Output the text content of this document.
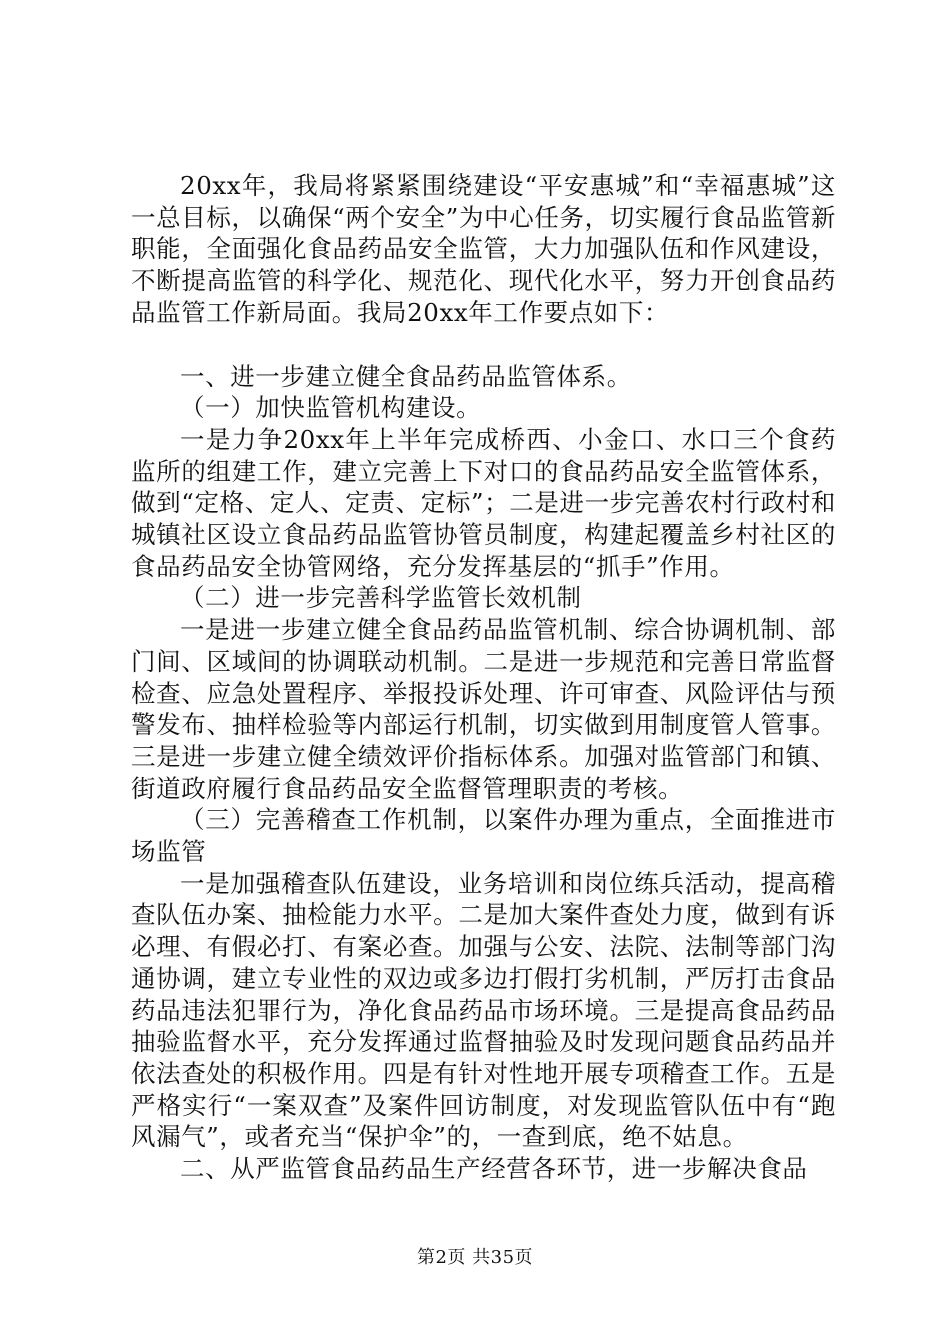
20xx年，我局将紧紧围绕建设“平安惠城”和“幸福惠城”这一总目标，以确保“两个安全”为中心任务，切实履行食品监管新职能，全面强化食品药品安全监管，大力加强队伍和作风建设，不断提高监管的科学化、规范化、现代化水平，努力开创食品药品监管工作新局面。我局20xx年工作要点如下：

一、进一步建立健全食品药品监管体系。

（一）加快监管机构建设。

一是力争20xx年上半年完成桥西、小金口、水口三个食药监所的组建工作，建立完善上下对口的食品药品安全监管体系，做到“定格、定人、定责、定标”；二是进一步完善农村行政村和城镇社区设立食品药品监管协管员制度，构建起覆盖乡村社区的食品药品安全协管网络，充分发挥基层的“抓手”作用。

（二）进一步完善科学监管长效机制

一是进一步建立健全食品药品监管机制、综合协调机制、部门间、区域间的协调联动机制。二是进一步规范和完善日常监督检查、应急处置程序、举报投诉处理、许可审查、风险评估与预警发布、抽样检验等内部运行机制，切实做到用制度管人管事。三是进一步建立健全绩效评价指标体系。加强对监管部门和镇、街道政府履行食品药品安全监督管理职责的考核。

（三）完善稽查工作机制，以案件办理为重点，全面推进市场监管

一是加强稽查队伍建设，业务培训和岗位练兵活动，提高稽查队伍办案、抽检能力水平。二是加大案件查处力度，做到有诉必理、有假必打、有案必查。加强与公安、法院、法制等部门沟通协调，建立专业性的双边或多边打假打劣机制，严厉打击食品药品违法犯罪行为，净化食品药品市场环境。三是提高食品药品抽验监督水平，充分发挥通过监督抽验及时发现问题食品药品并依法查处的积极作用。四是有针对性地开展专项稽查工作。五是严格实行“一案双查”及案件回访制度，对发现监管队伍中有“跑风漏气”，或者充当“保护伞”的，一查到底，绝不姑息。

二、从严监管食品药品生产经营各环节，进一步解决食品

第2页 共35页
